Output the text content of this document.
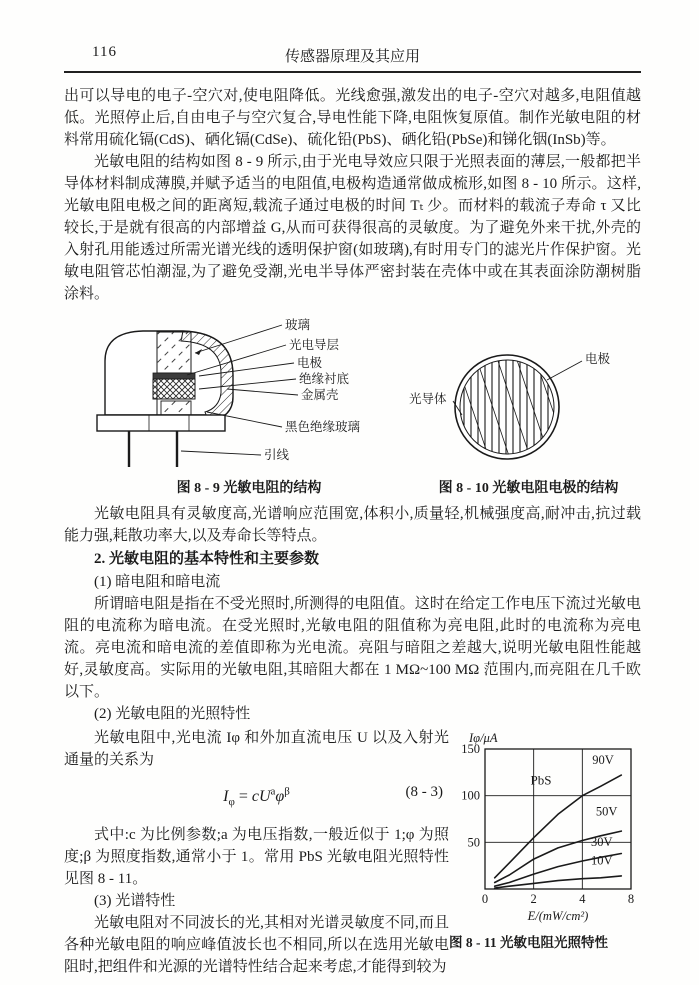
116	传感器原理及其应用

出可以导电的电子-空穴对,使电阻降低。光线愈强,激发出的电子-空穴对越多,电阻值越低。光照停止后,自由电子与空穴复合,导电性能下降,电阻恢复原值。制作光敏电阻的材料常用硫化镉(CdS)、硒化镉(CdSe)、硫化铅(PbS)、硒化铅(PbSe)和锑化铟(InSb)等。

光敏电阻的结构如图 8 - 9 所示,由于光电导效应只限于光照表面的薄层,一般都把半导体材料制成薄膜,并赋予适当的电阻值,电极构造通常做成梳形,如图 8 - 10 所示。这样,光敏电阻电极之间的距离短,载流子通过电极的时间 Tₜ 少。而材料的载流子寿命 τ 又比较长,于是就有很高的内部增益 G,从而可获得很高的灵敏度。为了避免外来干扰,外壳的入射孔用能透过所需光谱光线的透明保护窗(如玻璃),有时用专门的滤光片作保护窗。光敏电阻管芯怕潮湿,为了避免受潮,光电半导体严密封装在壳体中或在其表面涂防潮树脂涂料。

玻璃
光电导层
电极
绝缘衬底
金属壳
黑色绝缘玻璃
引线
图 8 - 9 光敏电阻的结构
电极
光导体
图 8 - 10 光敏电阻电极的结构

光敏电阻具有灵敏度高,光谱响应范围宽,体积小,质量轻,机械强度高,耐冲击,抗过载能力强,耗散功率大,以及寿命长等特点。

2. 光敏电阻的基本特性和主要参数

(1) 暗电阻和暗电流

所谓暗电阻是指在不受光照时,所测得的电阻值。这时在给定工作电压下流过光敏电阻的电流称为暗电流。在受光照时,光敏电阻的阻值称为亮电阻,此时的电流称为亮电流。亮电流和暗电流的差值即称为光电流。亮阻与暗阻之差越大,说明光敏电阻性能越好,灵敏度高。实际用的光敏电阻,其暗阻大都在 1 MΩ~100 MΩ 范围内,而亮阻在几千欧以下。

(2) 光敏电阻的光照特性

光敏电阻中,光电流 Iφ 和外加直流电压 U 以及入射光通量的关系为

$I_\varphi = cU^a\varphi^\beta$	(8 - 3)

式中:c 为比例参数;a 为电压指数,一般近似于 1;φ 为照度;β 为照度指数,通常小于 1。常用 PbS 光敏电阻光照特性见图 8 - 11。

(3) 光谱特性

光敏电阻对不同波长的光,其相对光谱灵敏度不同,而且各种光敏电阻的响应峰值波长也不相同,所以在选用光敏电阻时,把组件和光源的光谱特性结合起来考虑,才能得到较为

0	2	4	8
50
100
150
Iφ/μA
E/(mW/cm²)
PbS
90V
50V
30V
10V
图 8 - 11 光敏电阻光照特性
